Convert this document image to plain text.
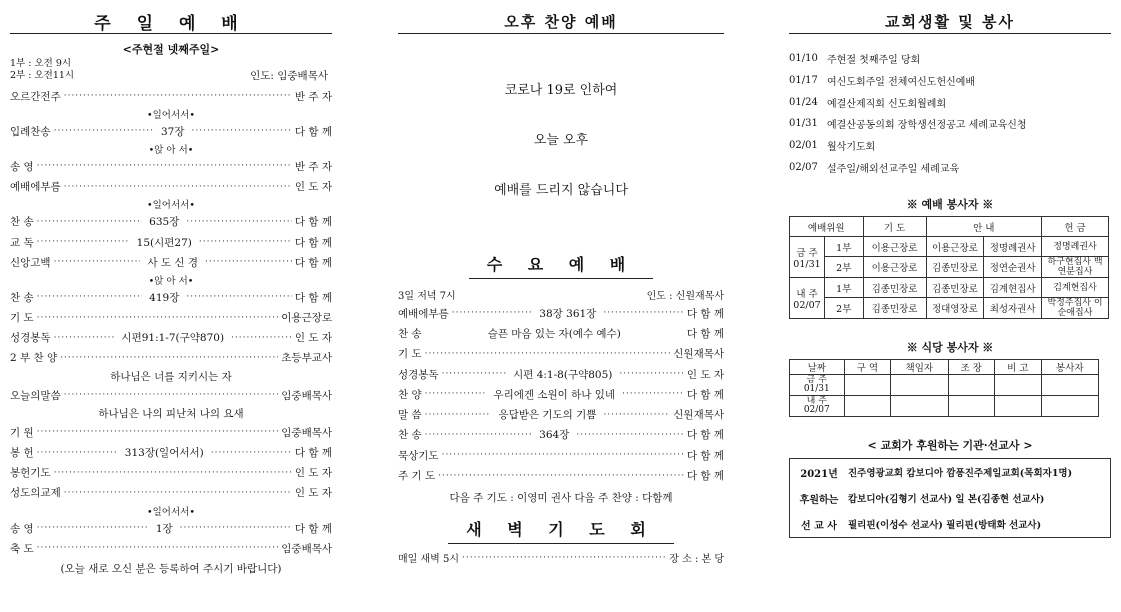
주 일 예 배
<주현절 넷째주일>
1부 : 오전 9시
2부 : 오전11시	인도: 임중배목사
오르간전주 ·····	반 주 자
•일어서서•
입례찬송 ·····	37장 ·····	다 함 께
•앉 아 서•
송 영 ·····	반 주 자
예배에부름 ·····	인 도 자
•일어서서•
찬 송 ·····	635장 ·····	다 함 께
교 독 ·····	15(시편27) ·····	다 함 께
신앙고백 ·····	사 도 신 경 ·····	다 함 께
•앉 아 서•
찬 송 ·····	419장 ·····	다 함 께
기 도 ·····	이용근장로
성경봉독 ·····	시편91:1-7(구약870) ·····	인 도 자
2 부 찬 양 ·····	초등부교사
하나님은 너를 지키시는 자
오늘의말씀 ·····	임중배목사
하나님은 나의 피난처 나의 요새
기 원 ·····	임중배목사
봉 헌 ·····	313장(일어서서) ·····	다 함 께
봉헌기도 ·····	인 도 자
성도의교제 ·····	인 도 자
•일어서서•
송 영 ·····	1장 ·····	다 함 께
축 도 ·····	임중배목사
(오늘 새로 오신 분은 등록하여 주시기 바랍니다)
오후 찬양 예배
코로나 19로 인하여
오늘 오후
예배를 드리지 않습니다
수 요 예 배
3일 저녁 7시	인도 : 신원재목사
예배에부름 ·····	38장 361장 ·····	다 함 께
찬 송	슬픈 마음 있는 자(예수 예수)	다 함 께
기 도 ·····	신원재목사
성경봉독 ·····	시편 4:1-8(구약805) ·····	인 도 자
찬 양 ·····	우리에겐 소원이 하나 있네 ·····	다 함 께
말 씀 ·····	응답받은 기도의 기쁨 ·····	신원재목사
찬 송 ·····	364장 ·····	다 함 께
묵상기도 ·····	다 함 께
주 기 도 ·····	다 함 께
다음 주 기도 : 이영미 권사 다음 주 찬양 : 다함께
새 벽 기 도 회
매일 새벽 5시 ·····	장 소 : 본 당
교회생활 및 봉사
01/10 주현절 첫째주일 당회
01/17 여신도회주일 전체여신도헌신예배
01/24 예결산제직회 신도회월례회
01/31 예결산공동의회 장학생선정공고 세례교육신청
02/01 월삭기도회
02/07 설주일/해외선교주일 세례교육
※ 예배 봉사자 ※
예배위원		기 도	안 내		헌 금

금 주
01/31	1부	이용근장로	이용근장로	정명례권사	정명례권사
	2부	이용근장로	김종민장로	정연순권사	하구현집사 백연분집사

내 주
02/07	1부	김종민장로	김종민장로	김계현집사	김계현집사
	2부	김종민장로	정대영장로	최성자권사	박정주집사 이순애집사
※ 식당 봉사자 ※
날짜	구 역	책임자	조 장	비 고	봉사자

금 주
01/31					

내 주
02/07					

< 교회가 후원하는 기관·선교사 >
2021년	진주영광교회 캄보디아 깜퐁진주제일교회(목회자1명)
후원하는	캄보디아(김형기 선교사) 일 본(김종현 선교사)
선 교 사	필리핀(이성수 선교사) 필리핀(방태화 선교사)
